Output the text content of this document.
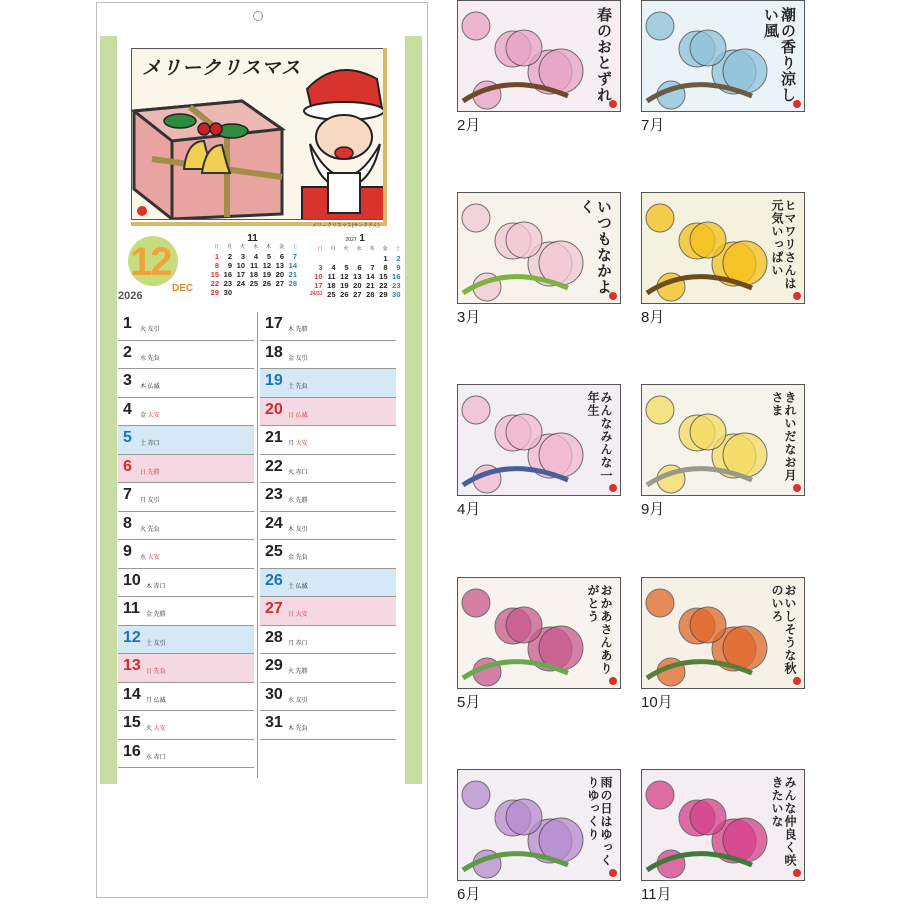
メリークリスマス
メリークリスマス(サンタさん)
12
DEC
2026
11
日	月	火	水	木	金	土
1	2	3	4	5	6	7
8	9	10	11	12	13	14
15	16	17	18	19	20	21
22	23	24	25	26	27	28
29	30					
2027 1
日	月	火	水	木	金	土
					1	2
3	4	5	6	7	8	9
10	11	12	13	14	15	16
17	18	19	20	21	22	23
24/31	25	26	27	28	29	30
1 火 友引
2 水 先負
3 木 仏滅
4 金 大安
5 土 赤口
6 日 先勝
7 月 友引
8 火 先負
9 水 大安
10 木 赤口
11 金 先勝
12 土 友引
13 日 先負
14 月 仏滅
15 火 大安
16 水 赤口
17 木 先勝
18 金 友引
19 土 先負
20 日 仏滅
21 月 大安
22 火 赤口
23 水 先勝
24 木 友引
25 金 先負
26 土 仏滅
27 日 大安
28 月 赤口
29 火 先勝
30 水 友引
31 木 先負
春のおとずれ
2月
潮の香り涼しい風
7月
いつもなかよく
3月
ヒマワリさんは元気いっぱい
8月
みんなみんな一年生
4月
きれいだなお月さま
9月
おかあさんありがとう
5月
おいしそうな秋のいろ
10月
雨の日はゆっくりゆっくり
6月
みんな仲良く咲きたいな
11月
